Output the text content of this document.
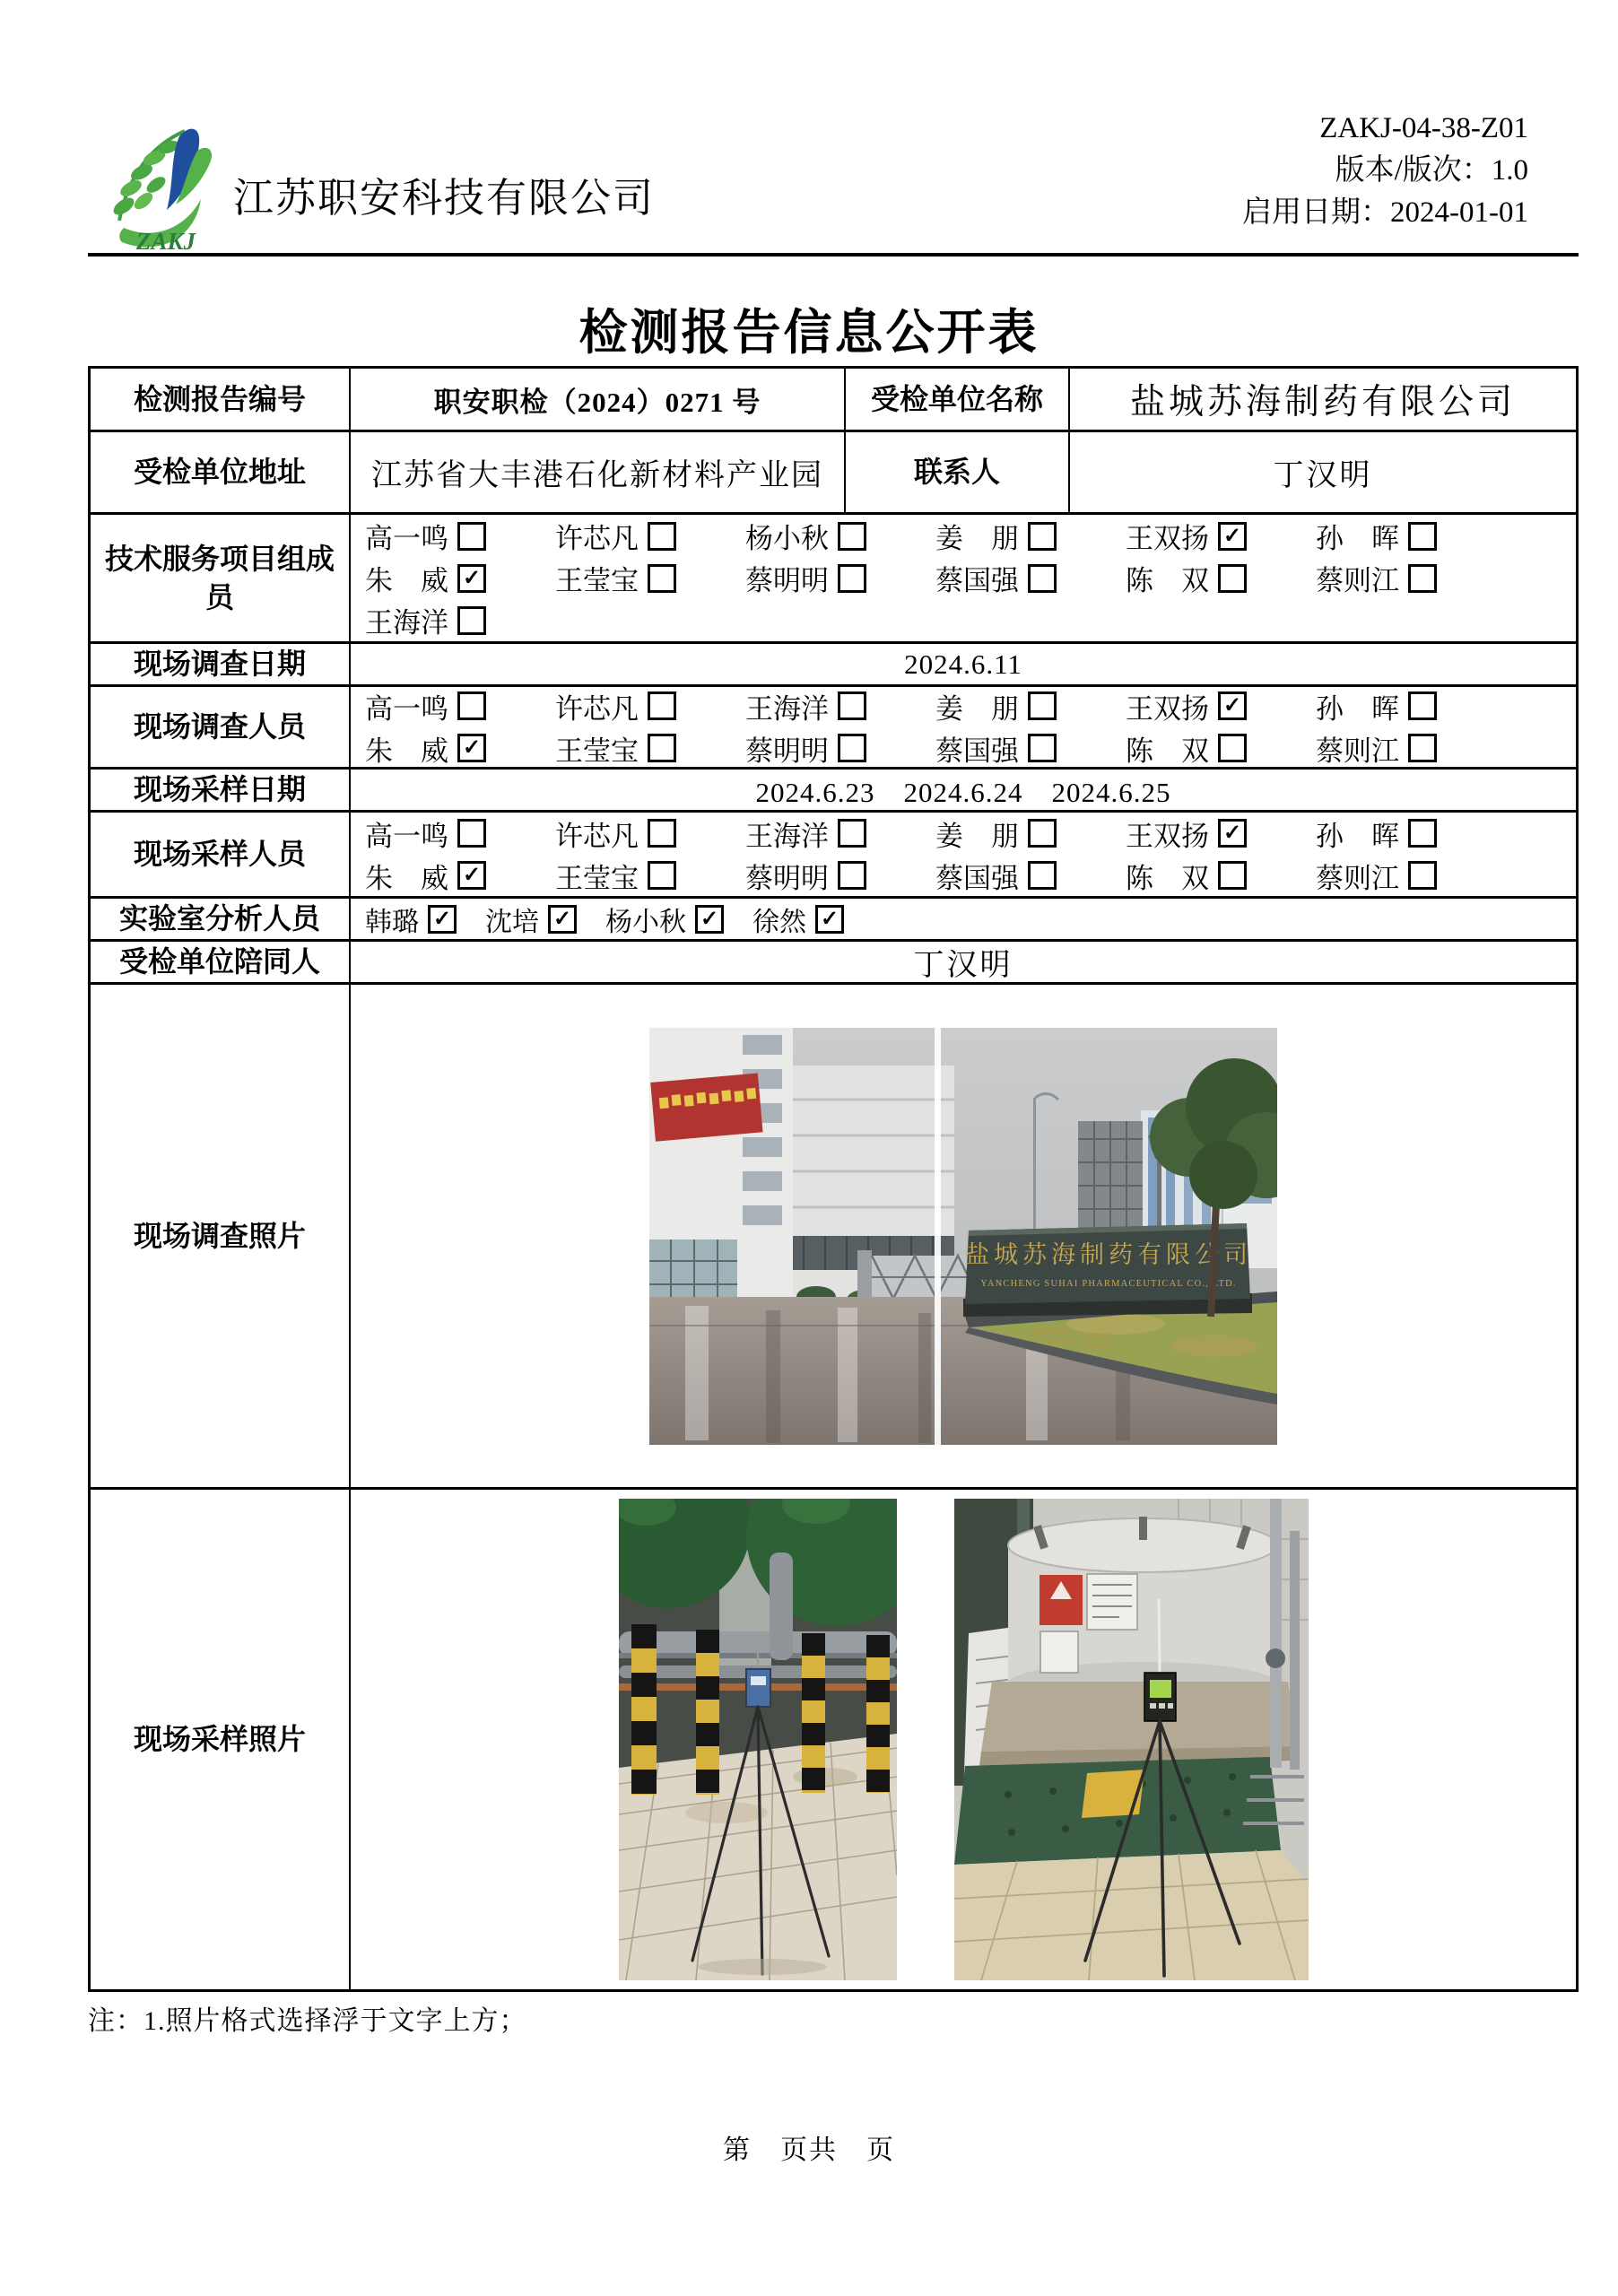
ZAKJ
江苏职安科技有限公司
ZAKJ-04-38-Z01
版本/版次：1.0
启用日期：2024-01-01
检测报告信息公开表
检测报告编号	职安职检（2024）0271 号	受检单位名称	盐城苏海制药有限公司
受检单位地址	江苏省大丰港石化新材料产业园	联系人	丁汉明
技术服务项目组成员
高一鸣	许芯凡	杨小秋	姜　朋	王双扬 ✓	孙　晖
朱　威 ✓	王莹宝	蔡明明	蔡国强	陈　双	蔡则江
王海洋
现场调查日期	2024.6.11
现场调查人员
高一鸣	许芯凡	王海洋	姜　朋	王双扬 ✓	孙　晖
朱　威 ✓	王莹宝	蔡明明	蔡国强	陈　双	蔡则江
现场采样日期	2024.6.23　2024.6.24　2024.6.25
现场采样人员
高一鸣	许芯凡	王海洋	姜　朋	王双扬 ✓	孙　晖
朱　威 ✓	王莹宝	蔡明明	蔡国强	陈　双	蔡则江
实验室分析人员	韩璐 ✓ 沈培 ✓ 杨小秋 ✓ 徐然 ✓
受检单位陪同人	丁汉明
现场调查照片
盐城苏海制药有限公司
YANCHENG SUHAI PHARMACEUTICAL CO., LTD.
现场采样照片
注：1.照片格式选择浮于文字上方；
第　页共　页
